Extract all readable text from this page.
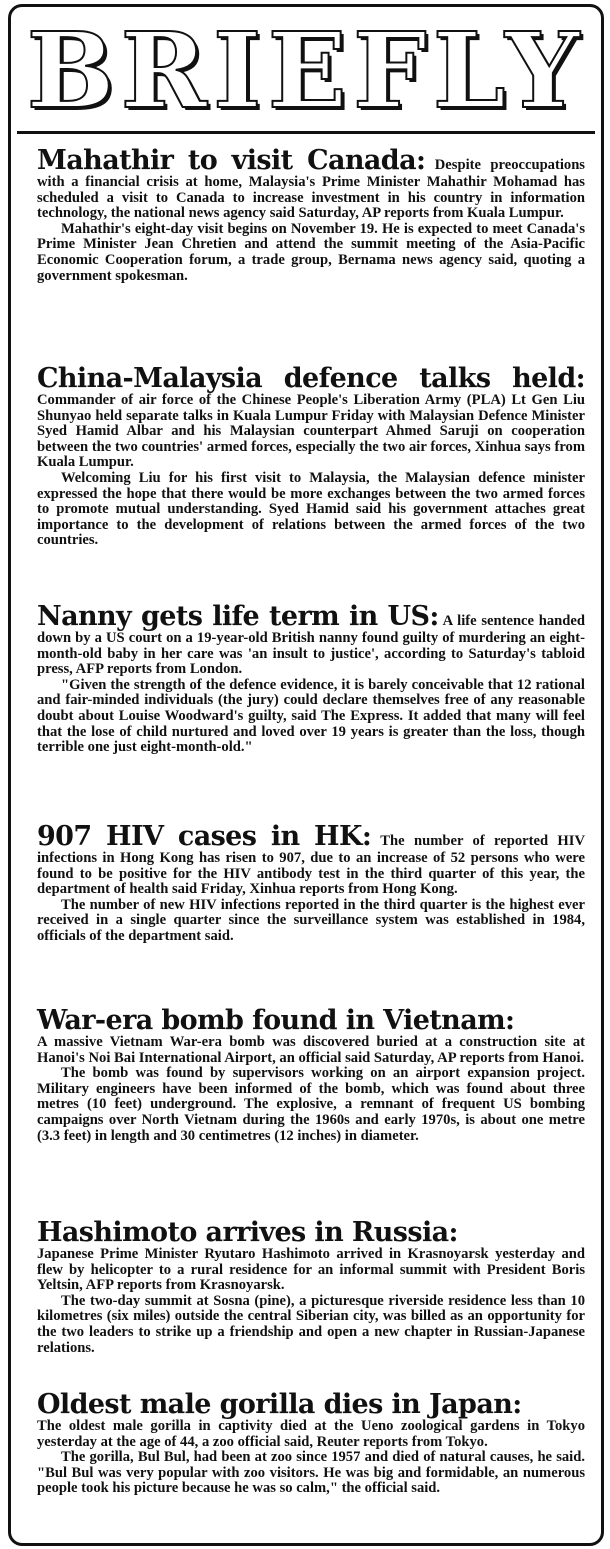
BRIEFLY

Mahathir to visit Canada: Despite preoccupations with a financial crisis at home, Malaysia's Prime Minister Mahathir Mohamad has scheduled a visit to Canada to increase investment in his country in information technology, the national news agency said Saturday, AP reports from Kuala Lumpur.

Mahathir's eight-day visit begins on November 19. He is expected to meet Canada's Prime Minister Jean Chretien and attend the summit meeting of the Asia-Pacific Economic Cooperation forum, a trade group, Bernama news agency said, quoting a government spokesman.

China-Malaysia defence talks held: Commander of air force of the Chinese People's Liberation Army (PLA) Lt Gen Liu Shunyao held separate talks in Kuala Lumpur Friday with Malaysian Defence Minister Syed Hamid Albar and his Malaysian counterpart Ahmed Saruji on cooperation between the two countries' armed forces, especially the two air forces, Xinhua says from Kuala Lumpur.

Welcoming Liu for his first visit to Malaysia, the Malaysian defence minister expressed the hope that there would be more exchanges between the two armed forces to promote mutual understanding. Syed Hamid said his government attaches great importance to the development of relations between the armed forces of the two countries.

Nanny gets life term in US: A life sentence handed down by a US court on a 19-year-old British nanny found guilty of murdering an eight-month-old baby in her care was 'an insult to justice', according to Saturday's tabloid press, AFP reports from London.

"Given the strength of the defence evidence, it is barely conceivable that 12 rational and fair-minded individuals (the jury) could declare themselves free of any reasonable doubt about Louise Woodward's guilty, said The Express. It added that many will feel that the lose of child nurtured and loved over 19 years is greater than the loss, though terrible one just eight-month-old."

907 HIV cases in HK: The number of reported HIV infections in Hong Kong has risen to 907, due to an increase of 52 persons who were found to be positive for the HIV antibody test in the third quarter of this year, the department of health said Friday, Xinhua reports from Hong Kong.

The number of new HIV infections reported in the third quarter is the highest ever received in a single quarter since the surveillance system was established in 1984, officials of the department said.

War-era bomb found in Vietnam:

A massive Vietnam War-era bomb was discovered buried at a construction site at Hanoi's Noi Bai International Airport, an official said Saturday, AP reports from Hanoi.

The bomb was found by supervisors working on an airport expansion project. Military engineers have been informed of the bomb, which was found about three metres (10 feet) underground. The explosive, a remnant of frequent US bombing campaigns over North Vietnam during the 1960s and early 1970s, is about one metre (3.3 feet) in length and 30 centimetres (12 inches) in diameter.

Hashimoto arrives in Russia:

Japanese Prime Minister Ryutaro Hashimoto arrived in Krasnoyarsk yesterday and flew by helicopter to a rural residence for an informal summit with President Boris Yeltsin, AFP reports from Krasnoyarsk.

The two-day summit at Sosna (pine), a picturesque riverside residence less than 10 kilometres (six miles) outside the central Siberian city, was billed as an opportunity for the two leaders to strike up a friendship and open a new chapter in Russian-Japanese relations.

Oldest male gorilla dies in Japan:

The oldest male gorilla in captivity died at the Ueno zoological gardens in Tokyo yesterday at the age of 44, a zoo official said, Reuter reports from Tokyo.

The gorilla, Bul Bul, had been at zoo since 1957 and died of natural causes, he said. "Bul Bul was very popular with zoo visitors. He was big and formidable, an numerous people took his picture because he was so calm," the official said.
